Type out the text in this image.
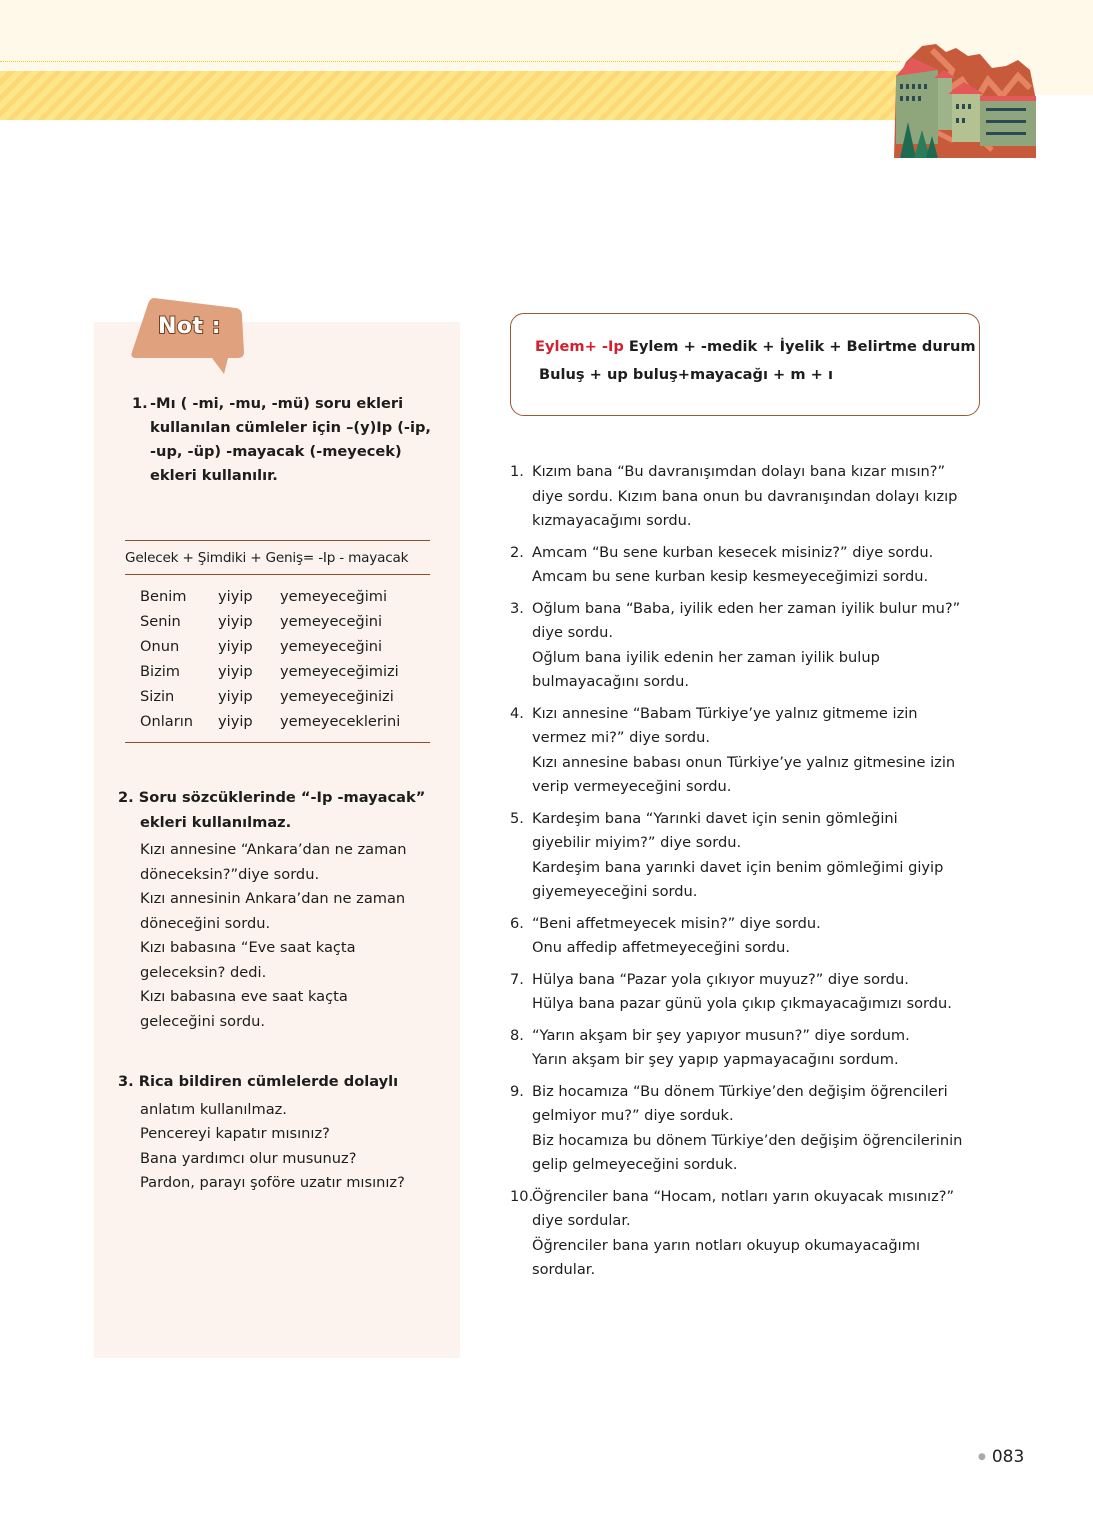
Not :
1. -Mı ( -mi, -mu, -mü) soru ekleri
kullanılan cümleler için –(y)Ip (-ip,
-up, -üp) -mayacak (-meyecek)
ekleri kullanılır.
Gelecek + Şimdiki + Geniş= -Ip - mayacak
Benim	yiyip	yemeyeceğimi
Senin	yiyip	yemeyeceğini
Onun	yiyip	yemeyeceğini
Bizim	yiyip	yemeyeceğimizi
Sizin	yiyip	yemeyeceğinizi
Onların	yiyip	yemeyeceklerini
2. Soru sözcüklerinde “-Ip -mayacak”
ekleri kullanılmaz.
Kızı annesine “Ankara’dan ne zaman
döneceksin?”diye sordu.
Kızı annesinin Ankara’dan ne zaman
döneceğini sordu.
Kızı babasına “Eve saat kaçta
geleceksin? dedi.
Kızı babasına eve saat kaçta
geleceğini sordu.
3. Rica bildiren cümlelerde dolaylı
anlatım kullanılmaz.
Pencereyi kapatır mısınız?
Bana yardımcı olur musunuz?
Pardon, parayı şoföre uzatır mısınız?
Eylem+ -Ip Eylem + -medik + İyelik + Belirtme durum
Buluş + up buluş+mayacağı + m + ı
1. Kızım bana “Bu davranışımdan dolayı bana kızar mısın?”
diye sordu. Kızım bana onun bu davranışından dolayı kızıp
kızmayacağımı sordu.
2. Amcam “Bu sene kurban kesecek misiniz?” diye sordu.
Amcam bu sene kurban kesip kesmeyeceğimizi sordu.
3. Oğlum bana “Baba, iyilik eden her zaman iyilik bulur mu?”
diye sordu.
Oğlum bana iyilik edenin her zaman iyilik bulup
bulmayacağını sordu.
4. Kızı annesine “Babam Türkiye’ye yalnız gitmeme izin
vermez mi?” diye sordu.
Kızı annesine babası onun Türkiye’ye yalnız gitmesine izin
verip vermeyeceğini sordu.
5. Kardeşim bana “Yarınki davet için senin gömleğini
giyebilir miyim?” diye sordu.
Kardeşim bana yarınki davet için benim gömleğimi giyip
giyemeyeceğini sordu.
6. “Beni affetmeyecek misin?” diye sordu.
Onu affedip affetmeyeceğini sordu.
7. Hülya bana “Pazar yola çıkıyor muyuz?” diye sordu.
Hülya bana pazar günü yola çıkıp çıkmayacağımızı sordu.
8. “Yarın akşam bir şey yapıyor musun?” diye sordum.
Yarın akşam bir şey yapıp yapmayacağını sordum.
9. Biz hocamıza “Bu dönem Türkiye’den değişim öğrencileri
gelmiyor mu?” diye sorduk.
Biz hocamıza bu dönem Türkiye’den değişim öğrencilerinin
gelip gelmeyeceğini sorduk.
10.
Öğrenciler bana “Hocam, notları yarın okuyacak mısınız?”
diye sordular.
Öğrenciler bana yarın notları okuyup okumayacağımı
sordular.
● 083
